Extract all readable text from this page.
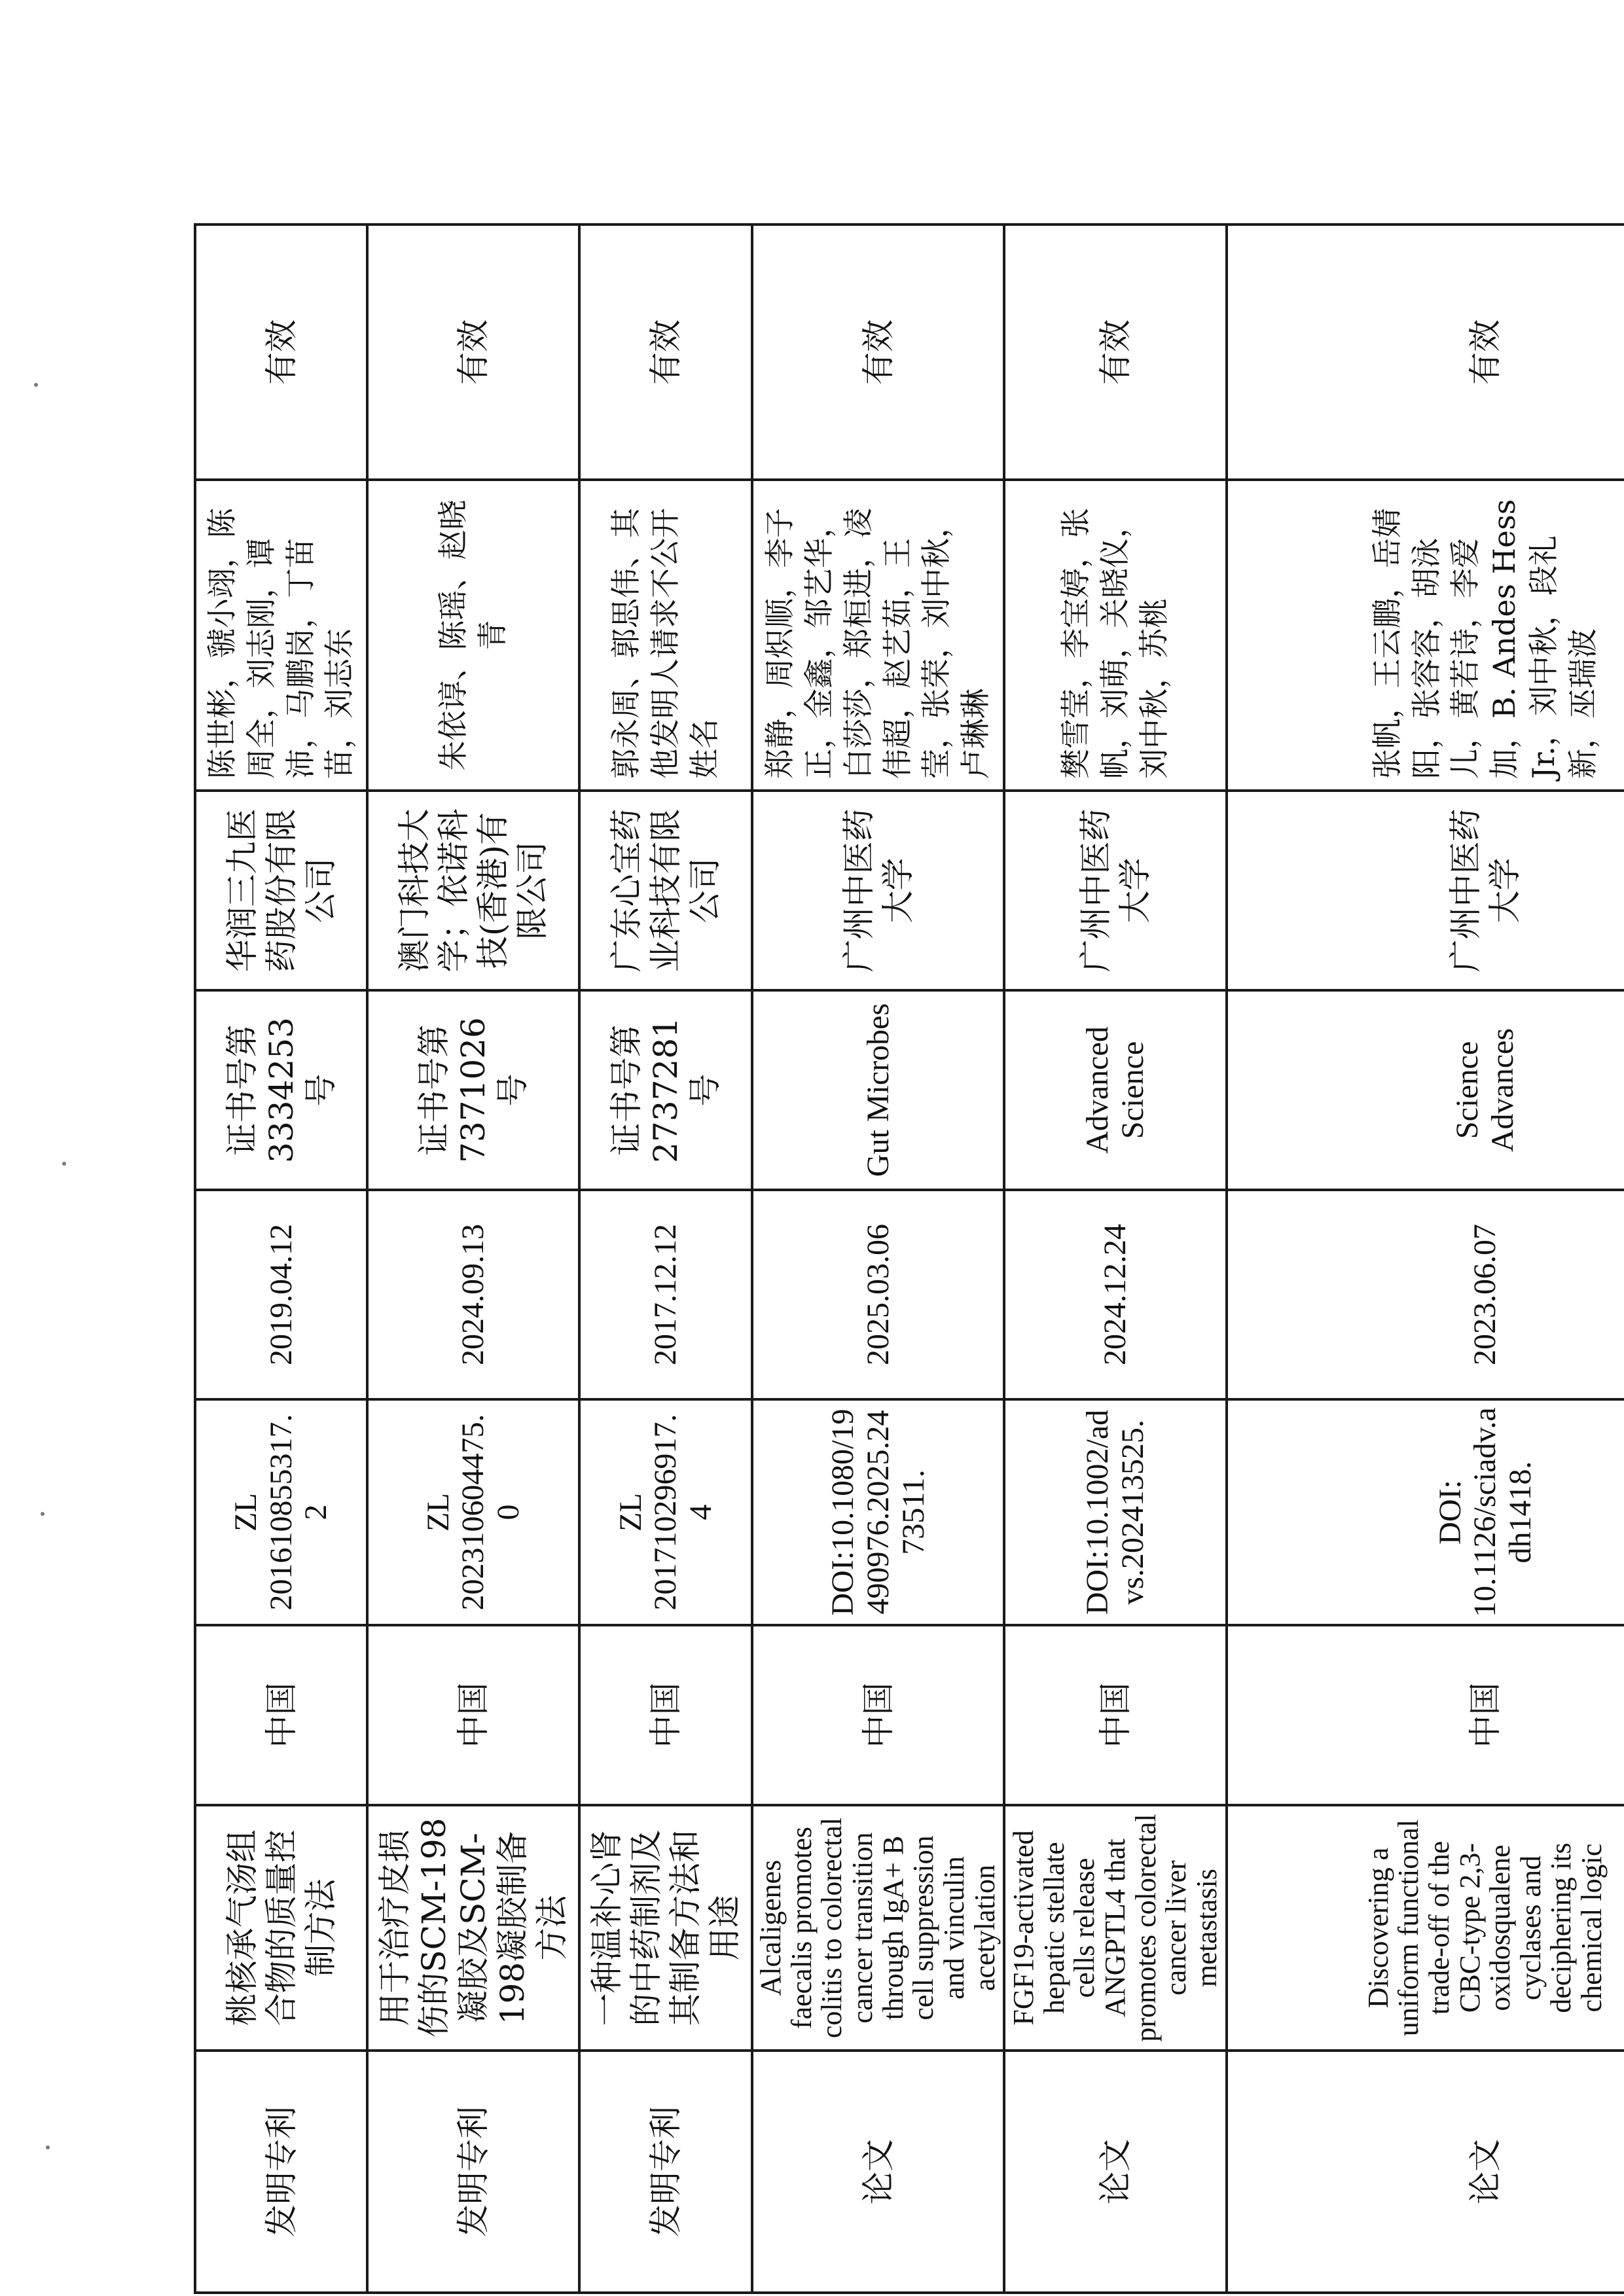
发明专利	桃核承气汤组合物的质量控制方法	中国	ZL 201610855317.2	2019.04.12	证书号第 3334253 号	华润三九医药股份有限公司	陈世彬，虢小翊，陈周全，刘志刚，谭沛，马鹏岗，丁苗苗，刘志东	有效
发明专利	用于治疗皮损伤的SCM-198凝胶及SCM-198凝胶制备方法	中国	ZL 202310604475.0	2024.09.13	证书号第 7371026 号	澳门科技大学；依诺科技(香港)有限公司	朱依谆、陈瑶、赵晓青	有效
发明专利	一种温补心肾的中药制剂及其制备方法和用途	中国	ZL 201710296917.4	2017.12.12	证书号第 2737281 号	广东心宝药业科技有限公司	郭永周、郭思伟、其他发明人请求不公开姓名	有效
论文	Alcaligenes faecalis promotes colitis to colorectal cancer transition through IgA+ B cell suppression and vinculin acetylation	中国	DOI:10.1080/19490976.2025.2473511.	2025.03.06	Gut Microbes	广州中医药大学	郑静，周炽顺，李子正，金鑫，邹艺华，白莎莎，郑桓进，凌伟超，赵艺茹，王莹，张荣，刘中秋，卢琳琳	有效
论文	FGF19-activated hepatic stellate cells release ANGPTL4 that promotes colorectal cancer liver metastasis	中国	DOI:10.1002/advs.202413525.	2024.12.24	Advanced Science	广州中医药大学	樊雪莹，李宝婷，张帆，刘萌，关晓仪，刘中秋，苏桃	有效
论文	Discovering a uniform functional trade-off of the CBC-type 2,3-oxidosqualene cyclases and deciphering its chemical logic	中国	DOI: 10.1126/sciadv.adh1418.	2023.06.07	Science Advances	广州中医药大学	张帆，王云鹏，岳婧阳，张容容，胡泳儿，黄若诗，李爱加，B. Andes Hess Jr.，刘中秋，段礼新，巫瑞波	有效
